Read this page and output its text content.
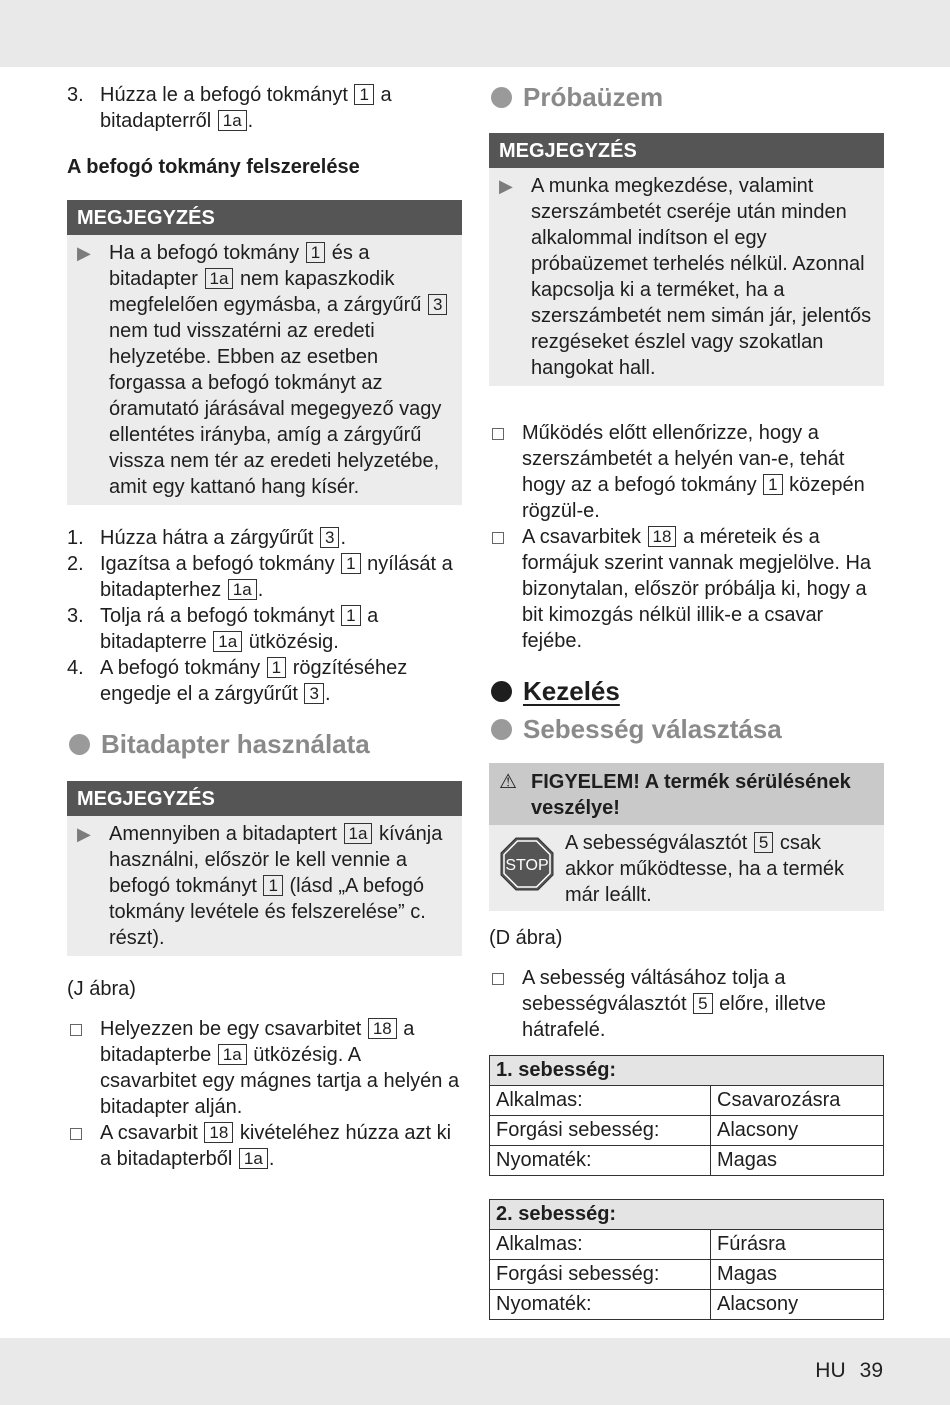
3. Húzza le a befogó tokmányt 1 a bitadapterről 1a .
A befogó tokmány felszerelése
MEGJEGYZÉS
▶ Ha a befogó tokmány 1 és a bitadapter 1a nem kapaszkodik megfelelően egymásba, a zárgyűrű 3 nem tud visszatérni az eredeti helyzetébe. Ebben az esetben forgassa a befogó tokmányt az óramutató járásával megegyező vagy ellentétes irányba, amíg a zárgyűrű vissza nem tér az eredeti helyzetébe, amit egy kattanó hang kísér.
1. Húzza hátra a zárgyűrűt 3 .
2. Igazítsa a befogó tokmány 1 nyílását a bitadapterhez 1a .
3. Tolja rá a befogó tokmányt 1 a bitadapterre 1a ütközésig.
4. A befogó tokmány 1 rögzítéséhez engedje el a zárgyűrűt 3 .
Bitadapter használata
MEGJEGYZÉS
▶ Amennyiben a bitadaptert 1a kívánja használni, először le kell vennie a befogó tokmányt 1 (lásd „A befogó tokmány levétele és felszerelése” c. részt).
(J ábra)
Helyezzen be egy csavarbitet 18 a bitadapterbe 1a ütközésig. A csavarbitet egy mágnes tartja a helyén a bitadapter alján.
A csavarbit 18 kivételéhez húzza azt ki a bitadapterből 1a .
Próbaüzem
MEGJEGYZÉS
▶ A munka megkezdése, valamint szerszámbetét cseréje után minden alkalommal indítson el egy próbaüzemet terhelés nélkül. Azonnal kapcsolja ki a terméket, ha a szerszámbetét nem simán jár, jelentős rezgéseket észlel vagy szokatlan hangokat hall.
Működés előtt ellenőrizze, hogy a szerszámbetét a helyén van-e, tehát hogy az a befogó tokmány 1 közepén rögzül-e.
A csavarbitek 18 a méreteik és a formájuk szerint vannak megjelölve. Ha bizonytalan, először próbálja ki, hogy a bit kimozgás nélkül illik-e a csavar fejébe.
Kezelés
Sebesség választása
⚠ FIGYELEM! A termék sérülésének veszélye!
STOP
A sebességválasztót 5 csak akkor működtesse, ha a termék már leállt.
(D ábra)
A sebesség váltásához tolja a sebességválasztót 5 előre, illetve hátrafelé.
1. sebesség:	
Alkalmas:	Csavarozásra
Forgási sebesség:	Alacsony
Nyomaték:	Magas
2. sebesség:	
Alkalmas:	Fúrásra
Forgási sebesség:	Magas
Nyomaték:	Alacsony
HU 39
